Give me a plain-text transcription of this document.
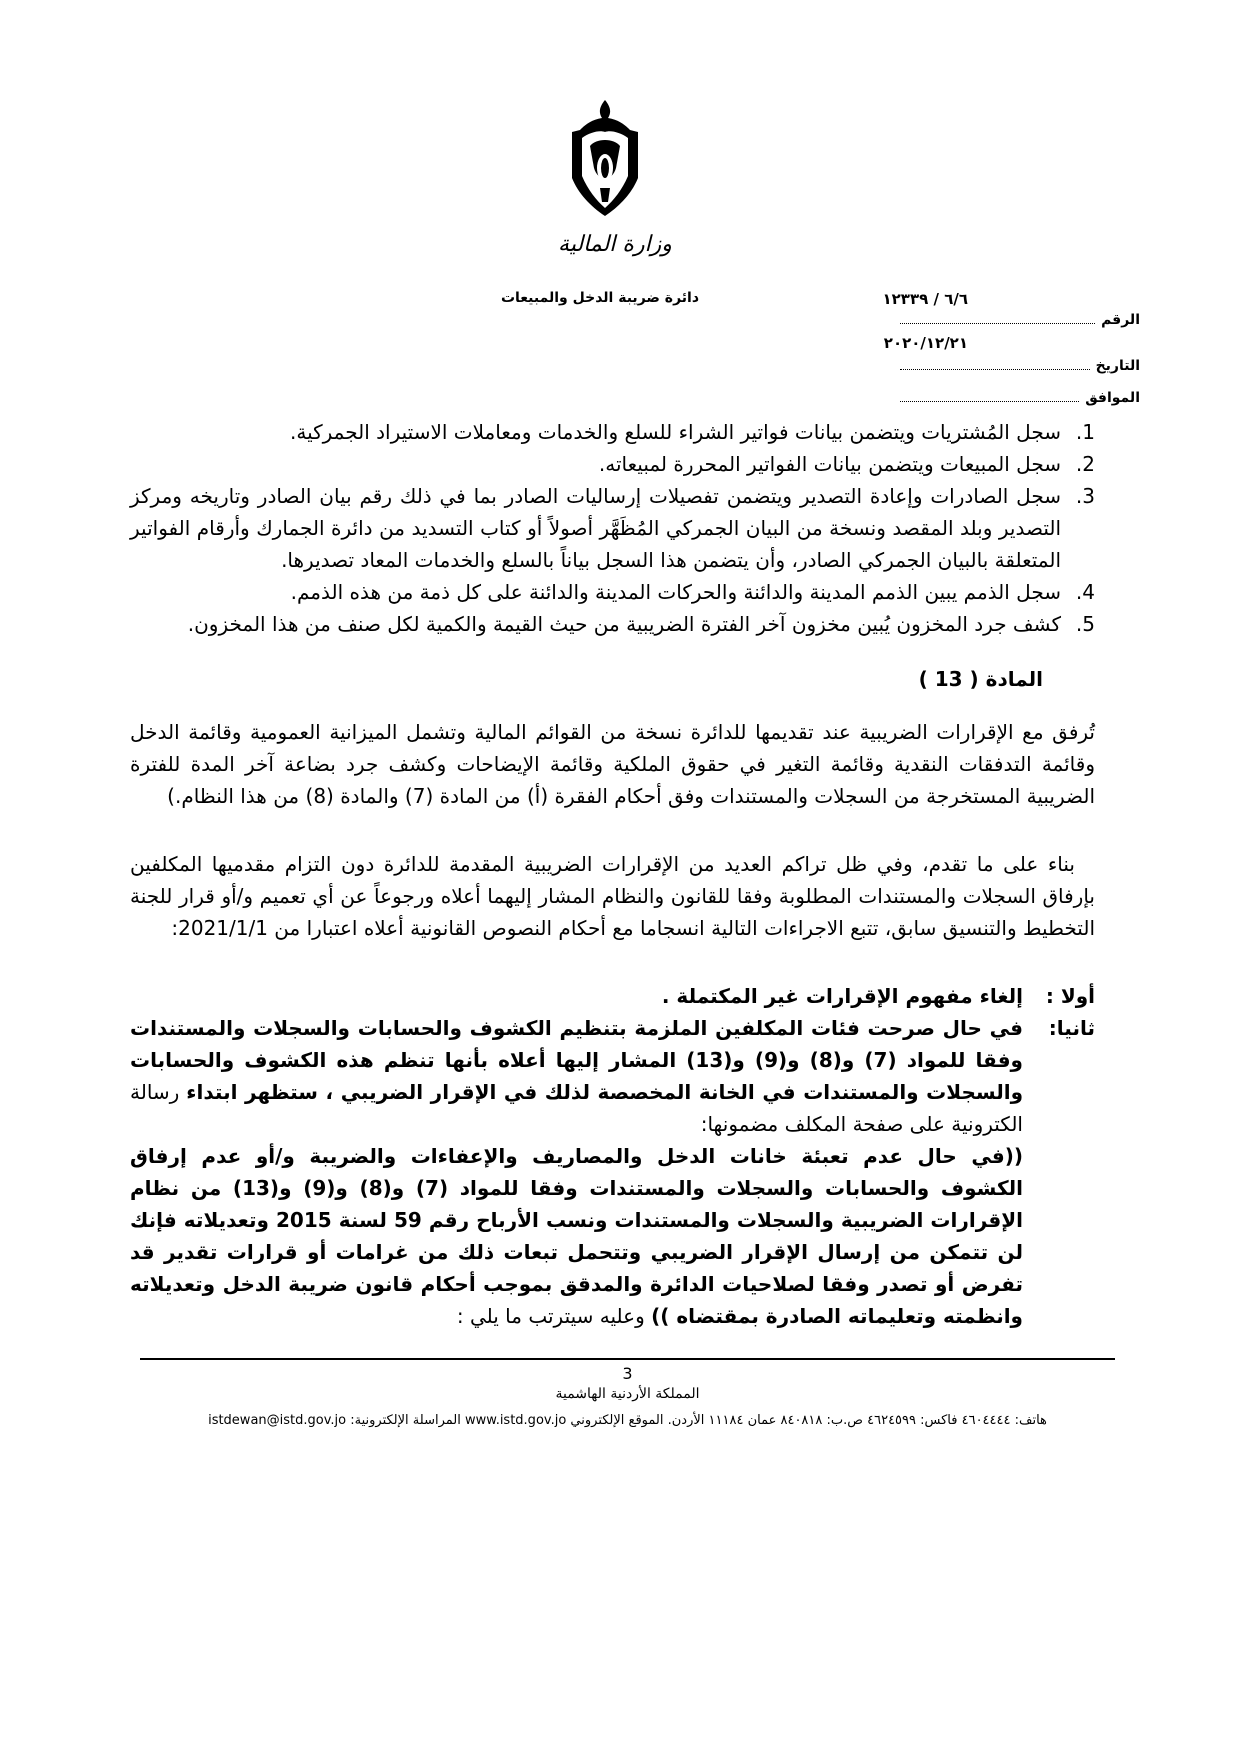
وزارة المالية
دائرة ضريبة الدخل والمبيعات	٦/٦ / ١٢٣٣٩
الرقم
٢٠٢٠/١٢/٢١
التاريخ
الموافق
1.
سجل المُشتريات ويتضمن بيانات فواتير الشراء للسلع والخدمات ومعاملات الاستيراد الجمركية.
2.
سجل المبيعات ويتضمن بيانات الفواتير المحررة لمبيعاته.
3.
سجل الصادرات وإعادة التصدير ويتضمن تفصيلات إرساليات الصادر بما في ذلك رقم بيان الصادر وتاريخه ومركز التصدير وبلد المقصد ونسخة من البيان الجمركي المُظَهَّر أصولاً أو كتاب التسديد من دائرة الجمارك وأرقام الفواتير المتعلقة بالبيان الجمركي الصادر، وأن يتضمن هذا السجل بياناً بالسلع والخدمات المعاد تصديرها.
4.
سجل الذمم يبين الذمم المدينة والدائنة والحركات المدينة والدائنة على كل ذمة من هذه الذمم.
5.
كشف جرد المخزون يُبين مخزون آخر الفترة الضريبية من حيث القيمة والكمية لكل صنف من هذا المخزون.
المادة ( 13 )
تُرفق مع الإقرارات الضريبية عند تقديمها للدائرة نسخة من القوائم المالية وتشمل الميزانية العمومية وقائمة الدخل وقائمة التدفقات النقدية وقائمة التغير في حقوق الملكية وقائمة الإيضاحات وكشف جرد بضاعة آخر المدة للفترة الضريبية المستخرجة من السجلات والمستندات وفق أحكام الفقرة (أ) من المادة (7) والمادة (8) من هذا النظام.)
بناء على ما تقدم، وفي ظل تراكم العديد من الإقرارات الضريبية المقدمة للدائرة دون التزام مقدميها المكلفين بإرفاق السجلات والمستندات المطلوبة وفقا للقانون والنظام المشار إليهما أعلاه ورجوعاً عن أي تعميم و/أو قرار للجنة التخطيط والتنسيق سابق، تتبع الاجراءات التالية انسجاما مع أحكام النصوص القانونية أعلاه اعتبارا من 2021/1/1:
أولا :
إلغاء مفهوم الإقرارات غير المكتملة .
ثانيا:
في حال صرحت فئات المكلفين الملزمة بتنظيم الكشوف والحسابات والسجلات والمستندات وفقا للمواد (7) و(8) و(9) و(13) المشار إليها أعلاه بأنها تنظم هذه الكشوف والحسابات والسجلات والمستندات في الخانة المخصصة لذلك في الإقرار الضريبي ، ستظهر ابتداء رسالة الكترونية على صفحة المكلف مضمونها:
((في حال عدم تعبئة خانات الدخل والمصاريف والإعفاءات والضريبة و/أو عدم إرفاق الكشوف والحسابات والسجلات والمستندات وفقا للمواد (7) و(8) و(9) و(13) من نظام الإقرارات الضريبية والسجلات والمستندات ونسب الأرباح رقم 59 لسنة 2015 وتعديلاته فإنك لن تتمكن من إرسال الإقرار الضريبي وتتحمل تبعات ذلك من غرامات أو قرارات تقدير قد تفرض أو تصدر وفقا لصلاحيات الدائرة والمدقق بموجب أحكام قانون ضريبة الدخل وتعديلاته وانظمته وتعليماته الصادرة بمقتضاه )) وعليه سيترتب ما يلي :
3
المملكة الأردنية الهاشمية
هاتف: ٤٦٠٤٤٤٤ فاكس: ٤٦٢٤٥٩٩ ص.ب: ٨٤٠٨١٨ عمان ١١١٨٤ الأردن. الموقع الإلكتروني www.istd.gov.jo المراسلة الإلكترونية: istdewan@istd.gov.jo
